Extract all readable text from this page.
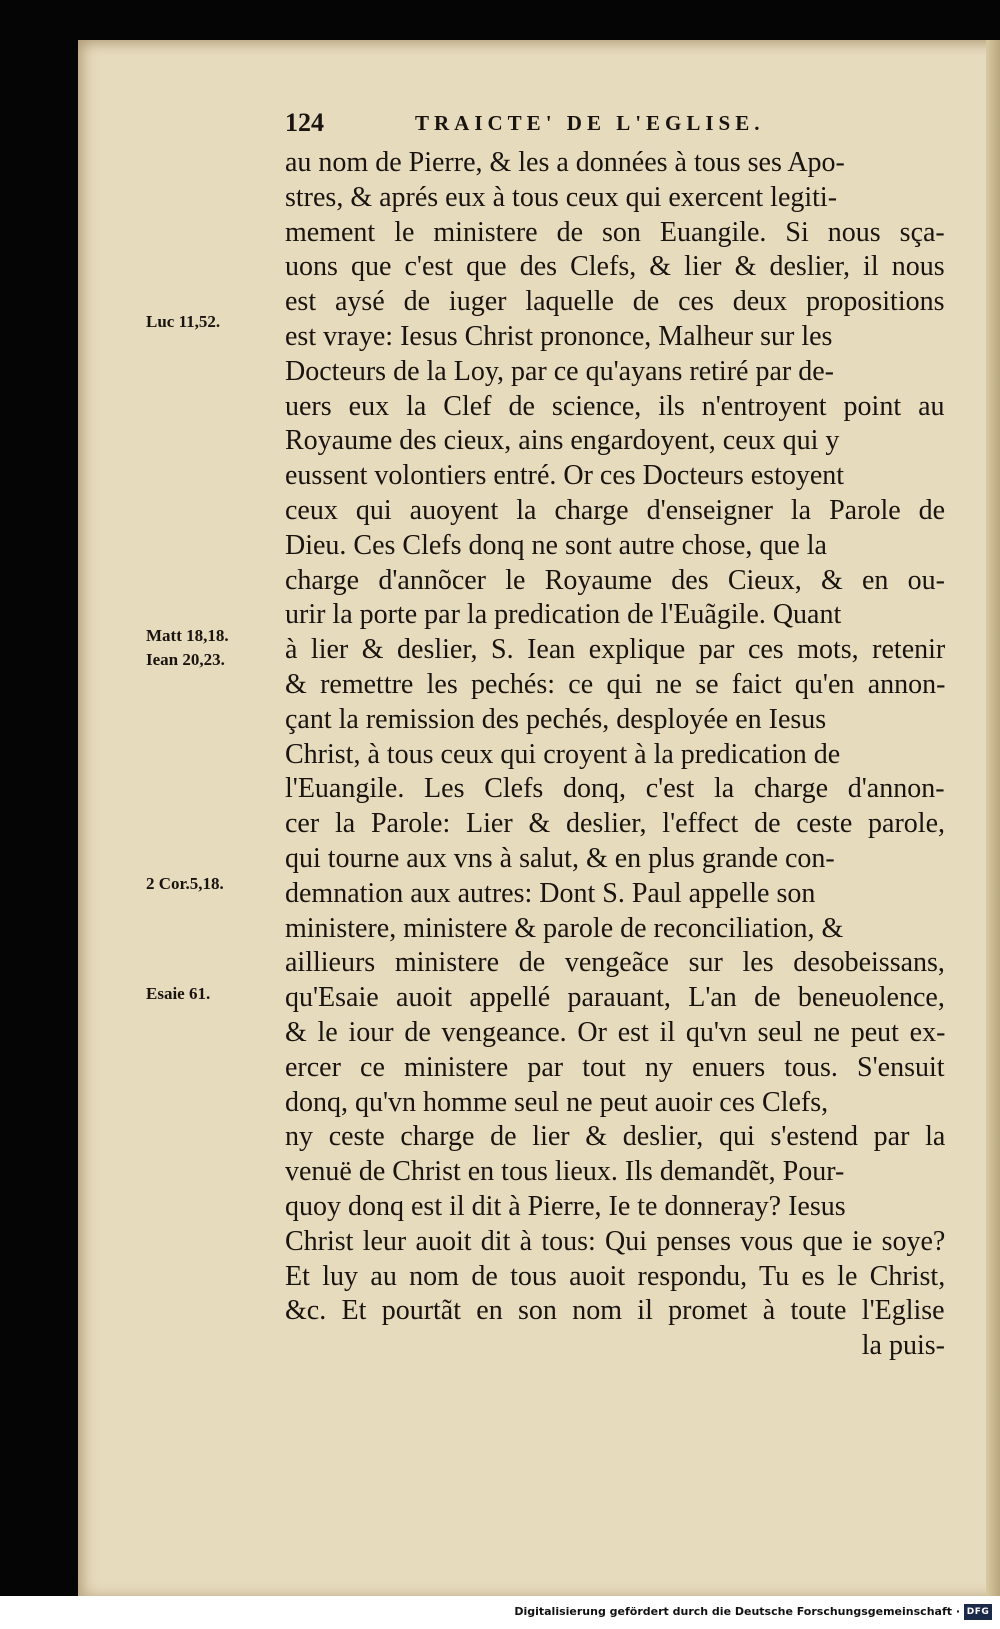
124	TRAICTE' DE L'EGLISE.
Luc 11,52.
Matt 18,18.
Iean 20,23.
2 Cor.5,18.
Esaie 61.
au nom de Pierre, & les a données à tous ses Apo-
stres, & aprés eux à tous ceux qui exercent legiti-
mement le ministere de son Euangile. Si nous sça-
uons que c'est que des Clefs, & lier & deslier, il nous
est aysé de iuger laquelle de ces deux propositions
est vraye: Iesus Christ prononce, Malheur sur les
Docteurs de la Loy, par ce qu'ayans retiré par de-
uers eux la Clef de science, ils n'entroyent point au
Royaume des cieux, ains engardoyent, ceux qui y
eussent volontiers entré. Or ces Docteurs estoyent
ceux qui auoyent la charge d'enseigner la Parole de
Dieu. Ces Clefs donq ne sont autre chose, que la
charge d'annõcer le Royaume des Cieux, & en ou-
urir la porte par la predication de l'Euãgile. Quant
à lier & deslier, S. Iean explique par ces mots, retenir
& remettre les pechés: ce qui ne se faict qu'en annon-
çant la remission des pechés, desployée en Iesus
Christ, à tous ceux qui croyent à la predication de
l'Euangile. Les Clefs donq, c'est la charge d'annon-
cer la Parole: Lier & deslier, l'effect de ceste parole,
qui tourne aux vns à salut, & en plus grande con-
demnation aux autres: Dont S. Paul appelle son
ministere, ministere & parole de reconciliation, &
aillieurs ministere de vengeãce sur les desobeissans,
qu'Esaie auoit appellé parauant, L'an de beneuolence,
& le iour de vengeance. Or est il qu'vn seul ne peut ex-
ercer ce ministere par tout ny enuers tous. S'ensuit
donq, qu'vn homme seul ne peut auoir ces Clefs,
ny ceste charge de lier & deslier, qui s'estend par la
venuë de Christ en tous lieux. Ils demandẽt, Pour-
quoy donq est il dit à Pierre, Ie te donneray? Iesus
Christ leur auoit dit à tous: Qui penses vous que ie soye?
Et luy au nom de tous auoit respondu, Tu es le Christ,
&c. Et pourtãt en son nom il promet à toute l'Eglise
la puis-
Digitalisierung gefördert durch die Deutsche Forschungsgemeinschaft · DFG
